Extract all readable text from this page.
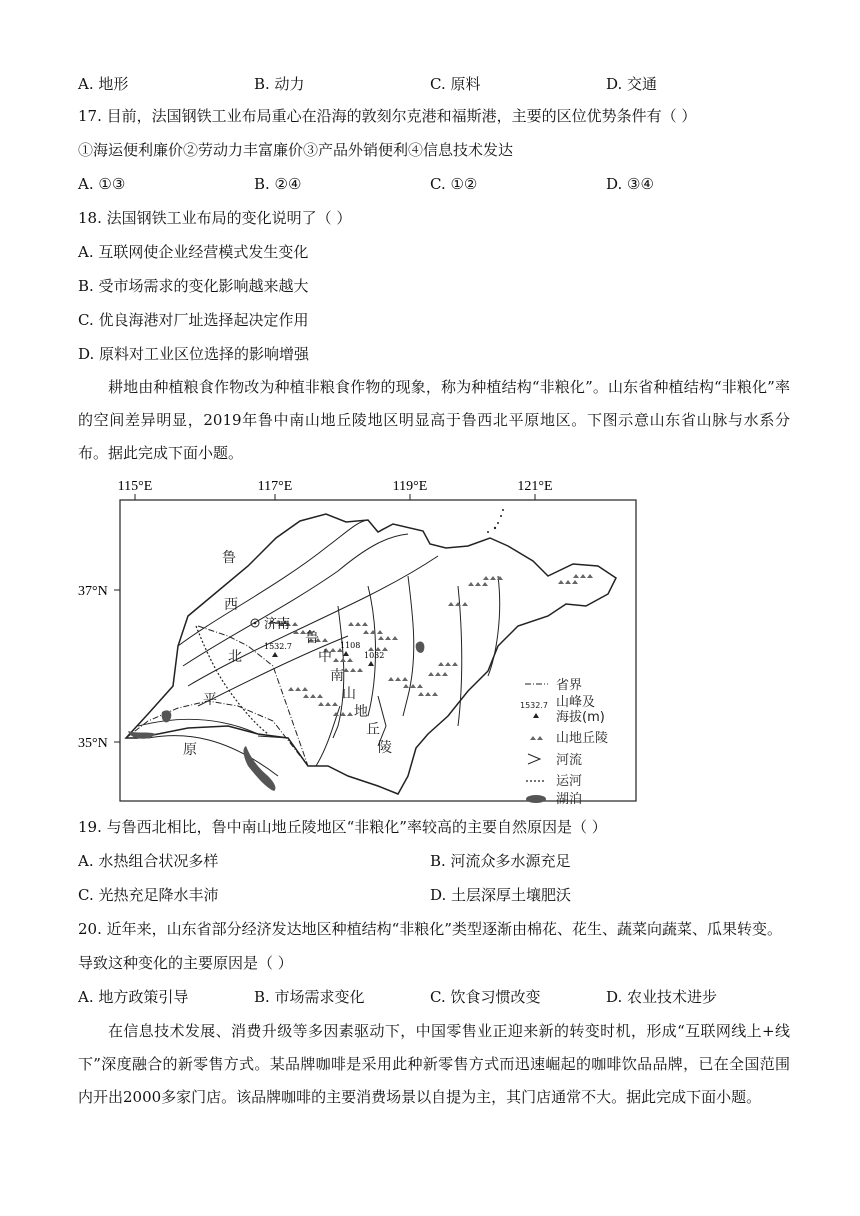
A. 地形	B. 动力	C. 原料	D. 交通
17. 目前，法国钢铁工业布局重心在沿海的敦刻尔克港和福斯港，主要的区位优势条件有（ ）
①海运便利廉价②劳动力丰富廉价③产品外销便利④信息技术发达
A. ①③	B. ②④	C. ①②	D. ③④
18. 法国钢铁工业布局的变化说明了（ ）
A. 互联网使企业经营模式发生变化
B. 受市场需求的变化影响越来越大
C. 优良海港对厂址选择起决定作用
D. 原料对工业区位选择的影响增强
耕地由种植粮食作物改为种植非粮食作物的现象，称为种植结构“非粮化”。山东省种植结构“非粮化”率的空间差异明显，2019年鲁中南山地丘陵地区明显高于鲁西北平原地区。下图示意山东省山脉与水系分布。据此完成下面小题。
115°E	117°E	119°E	121°E
37°N
35°N
济南
1532.7	1108
1032
鲁
西
北
平
原
鲁
中
南
山
地
丘
陵
省界
1532.7 山峰及
海拔(m)
山地丘陵
河流
运河
湖泊
19. 与鲁西北相比，鲁中南山地丘陵地区“非粮化”率较高的主要自然原因是（ ）
A. 水热组合状况多样	B. 河流众多水源充足
C. 光热充足降水丰沛	D. 土层深厚土壤肥沃
20. 近年来，山东省部分经济发达地区种植结构“非粮化”类型逐渐由棉花、花生、蔬菜向蔬菜、瓜果转变。
导致这种变化的主要原因是（ ）
A. 地方政策引导	B. 市场需求变化	C. 饮食习惯改变	D. 农业技术进步
在信息技术发展、消费升级等多因素驱动下，中国零售业正迎来新的转变时机，形成“互联网线上+线下”深度融合的新零售方式。某品牌咖啡是采用此种新零售方式而迅速崛起的咖啡饮品品牌，已在全国范围内开出2000多家门店。该品牌咖啡的主要消费场景以自提为主，其门店通常不大。据此完成下面小题。
